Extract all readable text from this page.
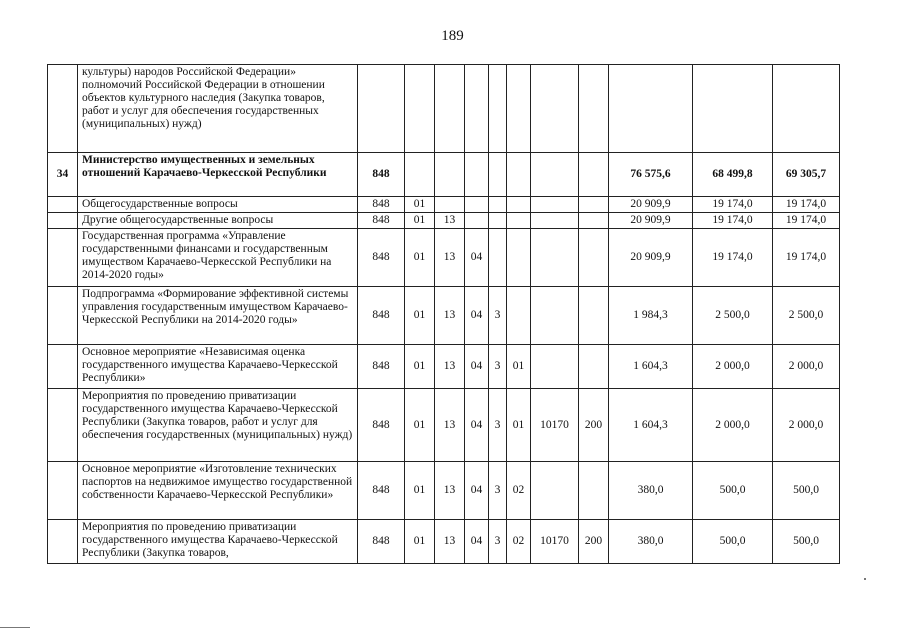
189
	культуры) народов Российской Федерации» полномочий Российской Федерации в отношении объектов культурного наследия (Закупка товаров, работ и услуг для обеспечения государственных (муниципальных) нужд)											
34	Министерство имущественных и земельных отношений Карачаево-Черкесской Республики	848								76 575,6	68 499,8	69 305,7
	Общегосударственные вопросы	848	01							20 909,9	19 174,0	19 174,0
	Другие общегосударственные вопросы	848	01	13						20 909,9	19 174,0	19 174,0
	Государственная программа «Управление государственными финансами и государственным имуществом Карачаево-Черкесской Республики на 2014-2020 годы»	848	01	13	04					20 909,9	19 174,0	19 174,0
	Подпрограмма «Формирование эффективной системы управления государственным имуществом Карачаево-Черкесской Республики на 2014-2020 годы»	848	01	13	04	3				1 984,3	2 500,0	2 500,0
	Основное мероприятие «Независимая оценка государственного имущества Карачаево-Черкесской Республики»	848	01	13	04	3	01			1 604,3	2 000,0	2 000,0
	Мероприятия по проведению приватизации государственного имущества Карачаево-Черкесской Республики (Закупка товаров, работ и услуг для обеспечения государственных (муниципальных) нужд)	848	01	13	04	3	01	10170	200	1 604,3	2 000,0	2 000,0
	Основное мероприятие «Изготовление технических паспортов на недвижимое имущество государственной собственности Карачаево-Черкесской Республики»	848	01	13	04	3	02			380,0	500,0	500,0
	Мероприятия по проведению приватизации государственного имущества Карачаево-Черкесской Республики (Закупка товаров,	848	01	13	04	3	02	10170	200	380,0	500,0	500,0
